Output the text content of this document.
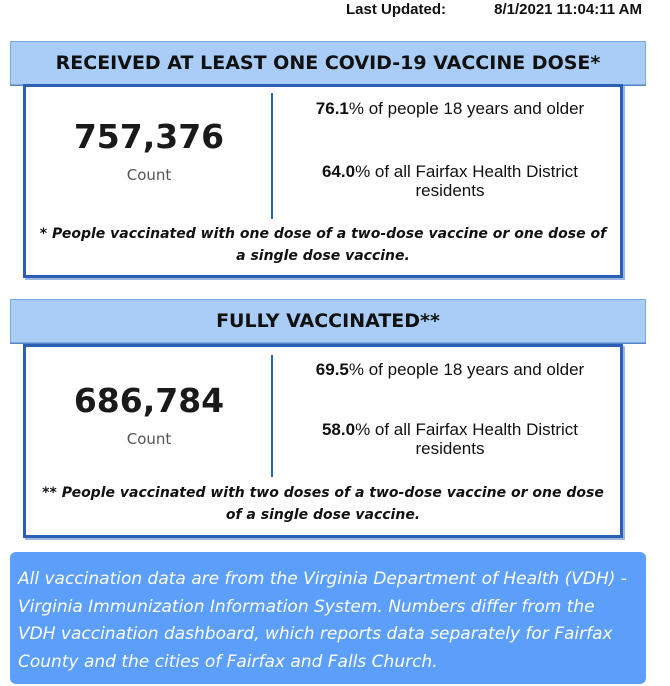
Last Updated:	8/1/2021 11:04:11 AM
RECEIVED AT LEAST ONE COVID-19 VACCINE DOSE*
757,376
Count
76.1% of people 18 years and older
64.0% of all Fairfax Health District residents
* People vaccinated with one dose of a two-dose vaccine or one dose of a single dose vaccine.
FULLY VACCINATED**
686,784
Count
69.5% of people 18 years and older
58.0% of all Fairfax Health District residents
** People vaccinated with two doses of a two-dose vaccine or one dose of a single dose vaccine.
All vaccination data are from the Virginia Department of Health (VDH) - Virginia Immunization Information System. Numbers differ from the VDH vaccination dashboard, which reports data separately for Fairfax County and the cities of Fairfax and Falls Church.
